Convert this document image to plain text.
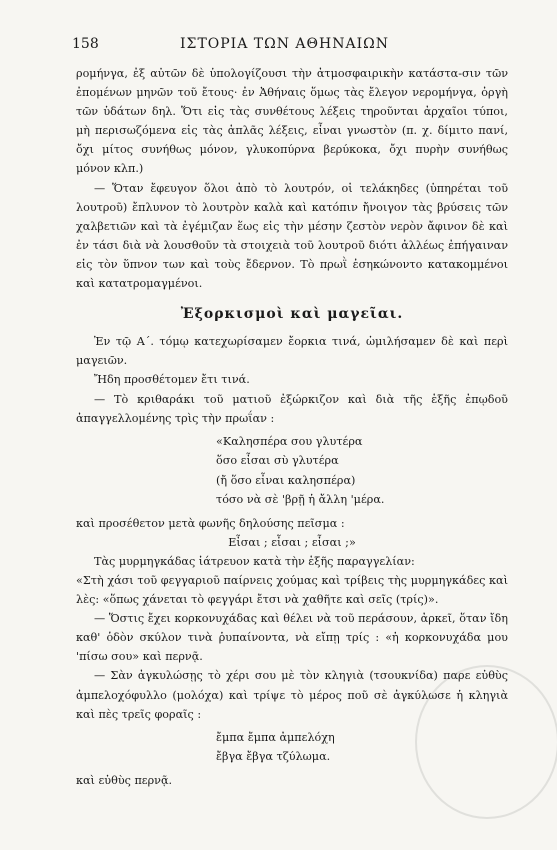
158	ΙΣΤΟΡΙΑ ΤΩΝ ΑΘΗΝΑΙΩΝ

ρομήνγα, ἐξ αὐτῶν δὲ ὑπολογίζουσι τὴν ἀτμοσφαιρικὴν κατάστα-σιν τῶν ἐπομένων μηνῶν τοῦ ἔτους· ἐν Ἀθήναις ὅμως τὰς ἔλεγον νερομήνγα, ὀργὴ τῶν ὑδάτων δηλ. Ὅτι εἰς τὰς συνθέτους λέξεις τηροῦνται ἀρχαῖοι τύποι, μὴ περισωζόμενα εἰς τὰς ἁπλᾶς λέξεις, εἶναι γνωστὸν (π. χ. δίμιτο πανί, ὄχι μίτος συνήθως μόνον, γλυκοπύρνα βερύκοκα, ὄχι πυρὴν συνήθως μόνον κλπ.)

— Ὅταν ἔφευγον ὅλοι ἀπὸ τὸ λουτρόν, οἱ τελάκηδες (ὑπηρέται τοῦ λουτροῦ) ἔπλυνον τὸ λουτρὸν καλὰ καὶ κατόπιν ἤνοιγον τὰς βρύσεις τῶν χαλβετιῶν καὶ τὰ ἐγέμιζαν ἕως εἰς τὴν μέσην ζεστὸν νερὸν ἄφινον δὲ καὶ ἐν τάσι διὰ νὰ λουσθοῦν τὰ στοιχειὰ τοῦ λουτροῦ διότι ἀλλέως ἐπήγαιναν εἰς τὸν ὕπνον των καὶ τοὺς ἔδερνον. Τὸ πρωῒ ἐσηκώνοντο κατακομμένοι καὶ κατατρομαγμένοι.

Ἐξορκισμοὶ καὶ μαγεῖαι.

Ἐν τῷ Α΄. τόμῳ κατεχωρίσαμεν ἔορκια τινά, ὡμιλήσαμεν δὲ καὶ περὶ μαγειῶν.

Ἤδη προσθέτομεν ἔτι τινά.

— Τὸ κριθαράκι τοῦ ματιοῦ ἐξώρκιζον καὶ διὰ τῆς ἑξῆς ἐπῳδοῦ ἀπαγγελλομένης τρὶς τὴν πρωΐαν :

«Καλησπέρα σου γλυτέρα
ὅσο εἶσαι σὺ γλυτέρα
(ἤ ὅσο εἶναι καλησπέρα)
τόσο νὰ σὲ 'βρῇ ἡ ἄλλη 'μέρα.

καὶ προσέθετον μετὰ φωνῆς δηλούσης πεῖσμα :

Εἶσαι ; εἶσαι ; εἶσαι ;»

Τὰς μυρμηγκάδας ἰάτρευον κατὰ τὴν ἑξῆς παραγγελίαν:

«Στὴ χάσι τοῦ φεγγαριοῦ παίρνεις χούμας καὶ τρίβεις τὴς μυρμηγκάδες καὶ λὲς: «ὅπως χάνεται τὸ φεγγάρι ἔτσι νὰ χαθῆτε καὶ σεῖς (τρίς)».

— Ὅστις ἔχει κορκονυχάδας καὶ θέλει νὰ τοῦ περάσουν, ἀρκεῖ, ὅταν ἴδη καθ' ὁδὸν σκύλον τινὰ ῥυπαίνοντα, νὰ εἴπῃ τρίς : «ἡ κορκονυχάδα μου 'πίσω σου» καὶ περνᾷ.

— Σὰν ἀγκυλώσῃς τὸ χέρι σου μὲ τὸν κληγιὰ (τσουκνίδα) παρε εὐθὺς ἀμπελοχόφυλλο (μολόχα) καὶ τρίψε τὸ μέρος ποῦ σὲ ἀγκύλωσε ἡ κληγιὰ καὶ πὲς τρεῖς φοραῖς :

ἔμπα ἔμπα ἀμπελόχη
ἔβγα ἔβγα τζύλωμα.

καὶ εὐθὺς περνᾷ.
